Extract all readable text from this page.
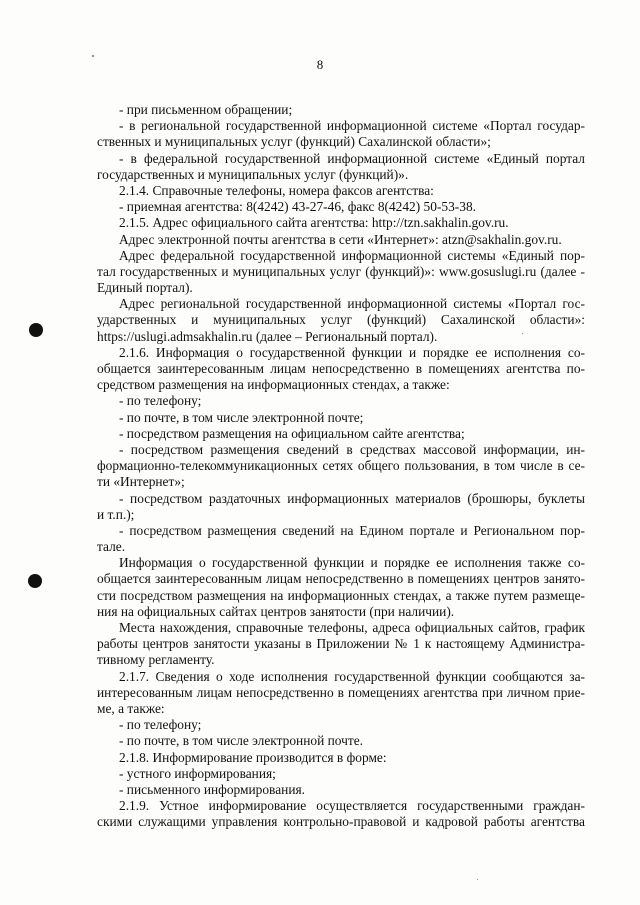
8
- при письменном обращении;
- в региональной государственной информационной системе «Портал государ-
ственных и муниципальных услуг (функций) Сахалинской области»;
- в федеральной государственной информационной системе «Единый портал
государственных и муниципальных услуг (функций)».
2.1.4. Справочные телефоны, номера факсов агентства:
- приемная агентства: 8(4242) 43-27-46, факс 8(4242) 50-53-38.
2.1.5. Адрес официального сайта агентства: http://tzn.sakhalin.gov.ru.
Адрес электронной почты агентства в сети «Интернет»: atzn@sakhalin.gov.ru.
Адрес федеральной государственной информационной системы «Единый пор-
тал государственных и муниципальных услуг (функций)»: www.gosuslugi.ru (далее -
Единый портал).
Адрес региональной государственной информационной системы «Портал гос-
ударственных и муниципальных услуг (функций) Сахалинской области»:
https://uslugi.admsakhalin.ru (далее – Региональный портал).
2.1.6. Информация о государственной функции и порядке ее исполнения со-
общается заинтересованным лицам непосредственно в помещениях агентства по-
средством размещения на информационных стендах, а также:
- по телефону;
- по почте, в том числе электронной почте;
- посредством размещения на официальном сайте агентства;
- посредством размещения сведений в средствах массовой информации, ин-
формационно-телекоммуникационных сетях общего пользования, в том числе в се-
ти «Интернет»;
- посредством раздаточных информационных материалов (брошюры, буклеты
и т.п.);
- посредством размещения сведений на Едином портале и Региональном пор-
тале.
Информация о государственной функции и порядке ее исполнения также со-
общается заинтересованным лицам непосредственно в помещениях центров занято-
сти посредством размещения на информационных стендах, а также путем размеще-
ния на официальных сайтах центров занятости (при наличии).
Места нахождения, справочные телефоны, адреса официальных сайтов, график
работы центров занятости указаны в Приложении № 1 к настоящему Администра-
тивному регламенту.
2.1.7. Сведения о ходе исполнения государственной функции сообщаются за-
интересованным лицам непосредственно в помещениях агентства при личном прие-
ме, а также:
- по телефону;
- по почте, в том числе электронной почте.
2.1.8. Информирование производится в форме:
- устного информирования;
- письменного информирования.
2.1.9. Устное информирование осуществляется государственными граждан-
скими служащими управления контрольно-правовой и кадровой работы агентства
